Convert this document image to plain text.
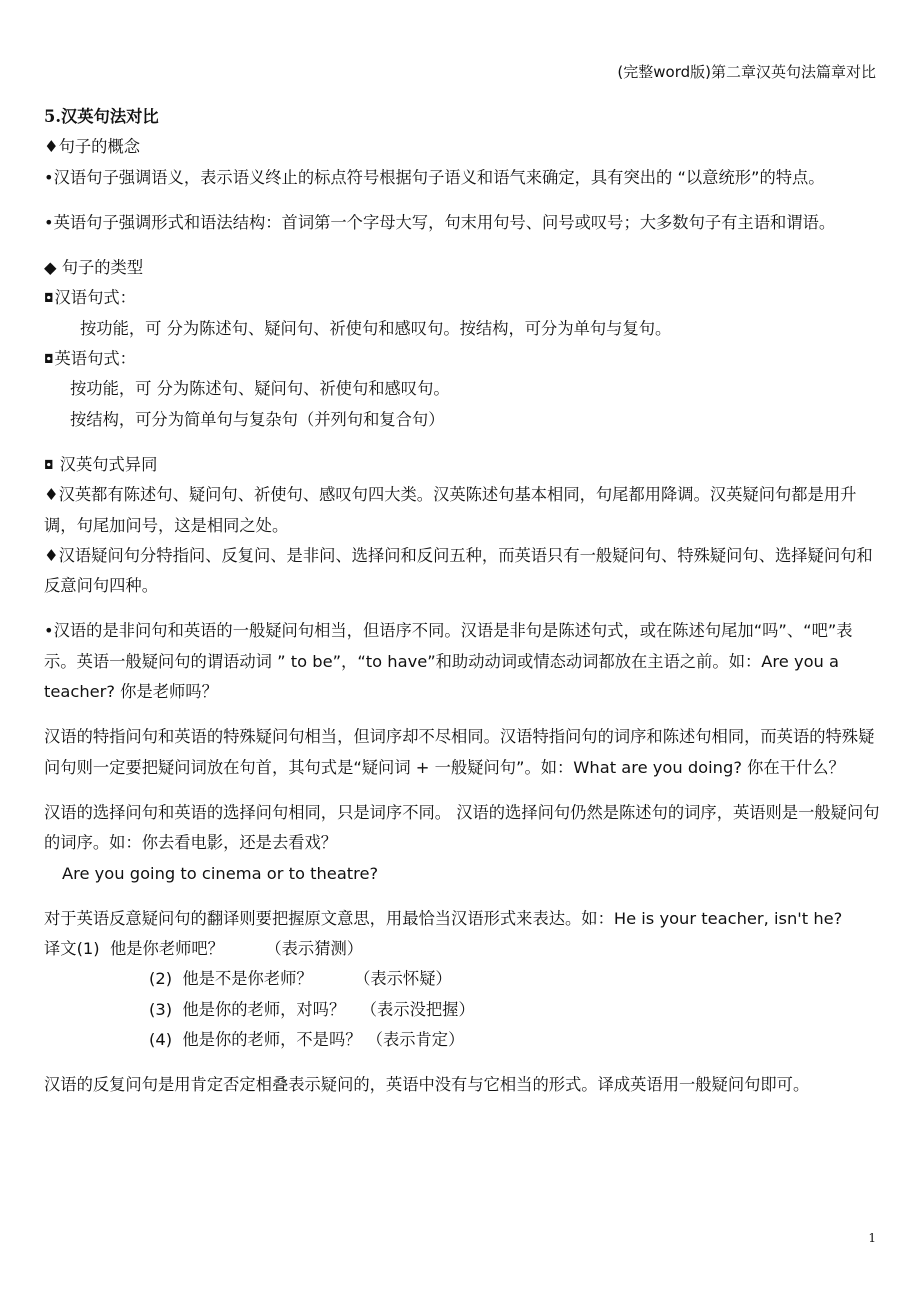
(完整word版)第二章汉英句法篇章对比

5.汉英句法对比

♦句子的概念

•汉语句子强调语义，表示语义终止的标点符号根据句子语义和语气来确定，具有突出的 “以意统形”的特点。

•英语句子强调形式和语法结构：首词第一个字母大写，句末用句号、问号或叹号；大多数句子有主语和谓语。

◆ 句子的类型

◘汉语句式：

按功能，可 分为陈述句、疑问句、祈使句和感叹句。按结构，可分为单句与复句。

◘英语句式：

按功能，可 分为陈述句、疑问句、祈使句和感叹句。

按结构，可分为简单句与复杂句（并列句和复合句）

◘ 汉英句式异同

♦汉英都有陈述句、疑问句、祈使句、感叹句四大类。汉英陈述句基本相同，句尾都用降调。汉英疑问句都是用升调，句尾加问号，这是相同之处。

♦汉语疑问句分特指问、反复问、是非问、选择问和反问五种，而英语只有一般疑问句、特殊疑问句、选择疑问句和反意问句四种。

•汉语的是非问句和英语的一般疑问句相当，但语序不同。汉语是非句是陈述句式，或在陈述句尾加“吗”、“吧”表示。英语一般疑问句的谓语动词 ” to be”，“to have”和助动动词或情态动词都放在主语之前。如：Are you a teacher? 你是老师吗？

汉语的特指问句和英语的特殊疑问句相当，但词序却不尽相同。汉语特指问句的词序和陈述句相同，而英语的特殊疑问句则一定要把疑问词放在句首，其句式是“疑问词 + 一般疑问句”。如：What are you doing? 你在干什么？

汉语的选择问句和英语的选择问句相同，只是词序不同。 汉语的选择问句仍然是陈述句的词序，英语则是一般疑问句的词序。如：你去看电影，还是去看戏？

Are you going to cinema or to theatre?

对于英语反意疑问句的翻译则要把握原文意思，用最恰当汉语形式来表达。如：He is your teacher, isn't he?

译文(1)  他是你老师吧？        （表示猜测）

(2)  他是不是你老师？        （表示怀疑）

(3)  他是你的老师，对吗？   （表示没把握）

(4)  他是你的老师，不是吗？ （表示肯定）

汉语的反复问句是用肯定否定相叠表示疑问的，英语中没有与它相当的形式。译成英语用一般疑问句即可。

1
